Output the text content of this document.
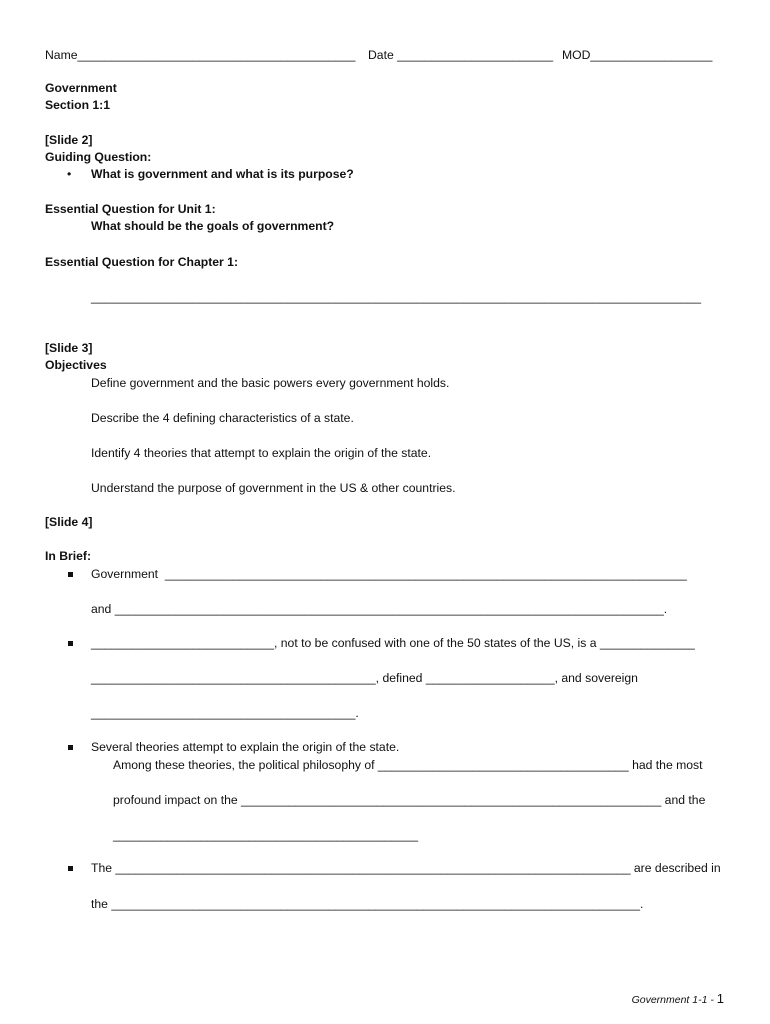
Name_________________________________________ Date _______________________ MOD__________________
Government
Section 1:1
[Slide 2]
Guiding Question:
• What is government and what is its purpose?
Essential Question for Unit 1:
What should be the goals of government?
Essential Question for Chapter 1:
__________________________________________________________________________________________
[Slide 3]
Objectives
Define government and the basic powers every government holds.
Describe the 4 defining characteristics of a state.
Identify 4 theories that attempt to explain the origin of the state.
Understand the purpose of government in the US & other countries.
[Slide 4]
In Brief:
Government  _____________________________________________________________________________
and _________________________________________________________________________________.
___________________________, not to be confused with one of the 50 states of the US, is a ______________
__________________________________________, defined ___________________, and sovereign
_______________________________________.
Several theories attempt to explain the origin of the state.
Among these theories, the political philosophy of _____________________________________ had the most
profound impact on the ______________________________________________________________ and the
_____________________________________________
The ____________________________________________________________________________ are described in
the ______________________________________________________________________________.
Government 1-1 - 1
